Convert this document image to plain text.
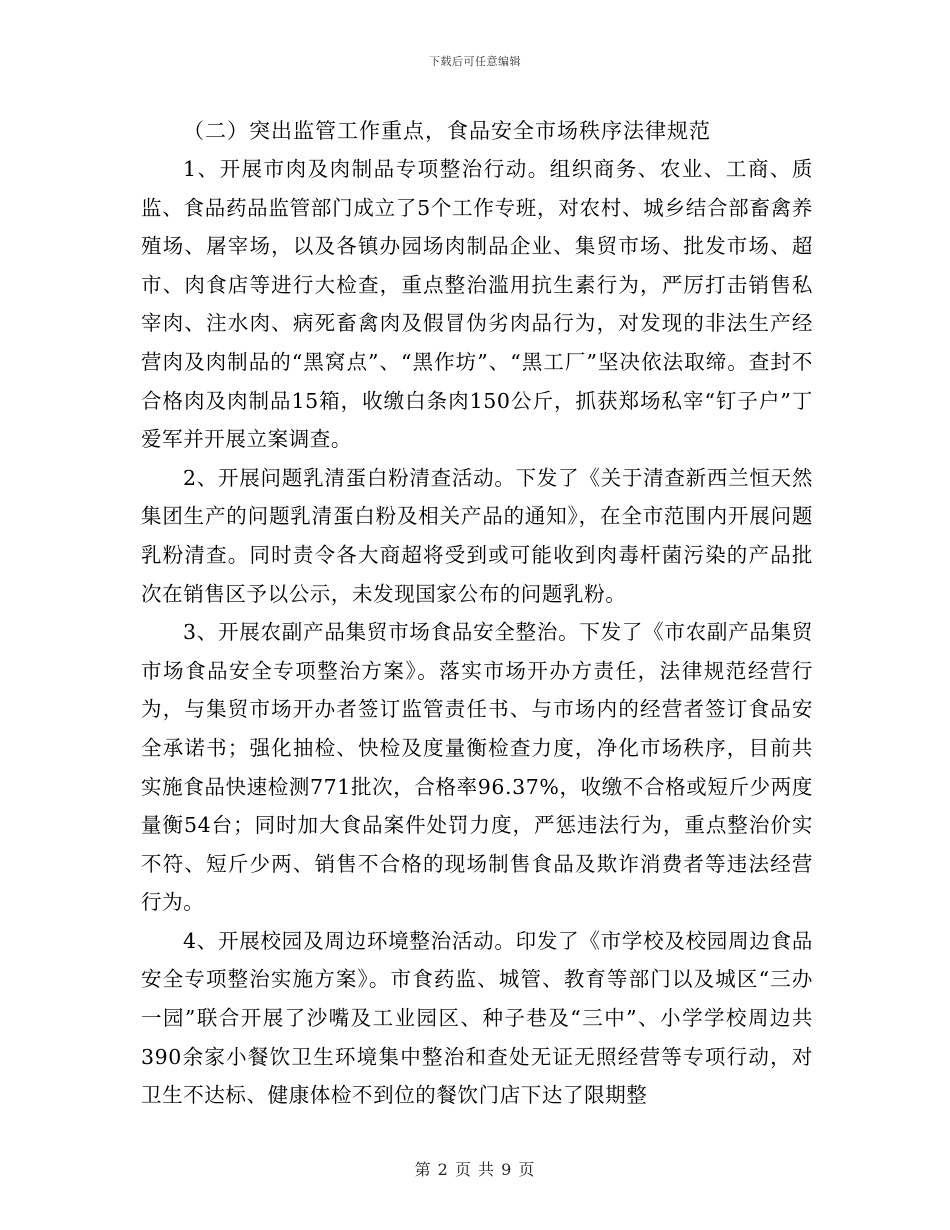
下载后可任意编辑

（二）突出监管工作重点，食品安全市场秩序法律规范

1、开展市肉及肉制品专项整治行动。组织商务、农业、工商、质监、食品药品监管部门成立了5个工作专班，对农村、城乡结合部畜禽养殖场、屠宰场，以及各镇办园场肉制品企业、集贸市场、批发市场、超市、肉食店等进行大检查，重点整治滥用抗生素行为，严厉打击销售私宰肉、注水肉、病死畜禽肉及假冒伪劣肉品行为，对发现的非法生产经营肉及肉制品的“黑窝点”、“黑作坊”、“黑工厂”坚决依法取缔。查封不合格肉及肉制品15箱，收缴白条肉150公斤，抓获郑场私宰“钉子户”丁爱军并开展立案调查。

2、开展问题乳清蛋白粉清查活动。下发了《关于清查新西兰恒天然集团生产的问题乳清蛋白粉及相关产品的通知》，在全市范围内开展问题乳粉清查。同时责令各大商超将受到或可能收到肉毒杆菌污染的产品批次在销售区予以公示，未发现国家公布的问题乳粉。

3、开展农副产品集贸市场食品安全整治。下发了《市农副产品集贸市场食品安全专项整治方案》。落实市场开办方责任，法律规范经营行为，与集贸市场开办者签订监管责任书、与市场内的经营者签订食品安全承诺书；强化抽检、快检及度量衡检查力度，净化市场秩序，目前共实施食品快速检测771批次，合格率96.37%，收缴不合格或短斤少两度量衡54台；同时加大食品案件处罚力度，严惩违法行为，重点整治价实不符、短斤少两、销售不合格的现场制售食品及欺诈消费者等违法经营行为。

4、开展校园及周边环境整治活动。印发了《市学校及校园周边食品安全专项整治实施方案》。市食药监、城管、教育等部门以及城区“三办一园”联合开展了沙嘴及工业园区、种子巷及“三中”、小学学校周边共390余家小餐饮卫生环境集中整治和查处无证无照经营等专项行动，对卫生不达标、健康体检不到位的餐饮门店下达了限期整

第 2 页 共 9 页
